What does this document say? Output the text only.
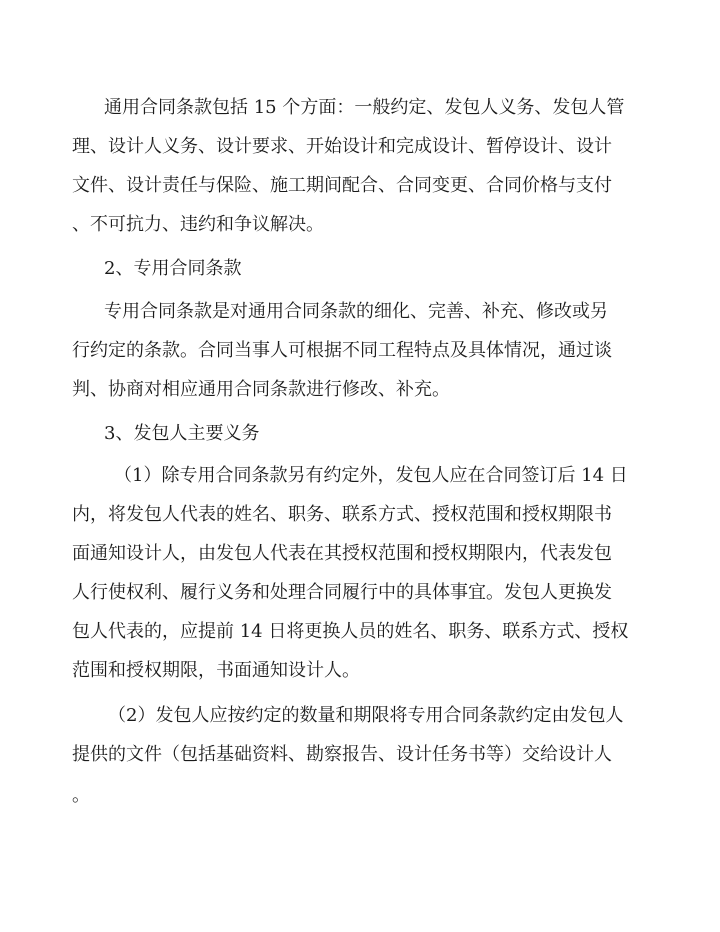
通用合同条款包括 15 个方面：一般约定、发包人义务、发包人管

理、设计人义务、设计要求、开始设计和完成设计、暂停设计、设计

文件、设计责任与保险、施工期间配合、合同变更、合同价格与支付

、不可抗力、违约和争议解决。

2、专用合同条款

专用合同条款是对通用合同条款的细化、完善、补充、修改或另

行约定的条款。合同当事人可根据不同工程特点及具体情况，通过谈

判、协商对相应通用合同条款进行修改、补充。

3、发包人主要义务

（1）除专用合同条款另有约定外，发包人应在合同签订后 14 日

内，将发包人代表的姓名、职务、联系方式、授权范围和授权期限书

面通知设计人，由发包人代表在其授权范围和授权期限内，代表发包

人行使权利、履行义务和处理合同履行中的具体事宜。发包人更换发

包人代表的，应提前 14 日将更换人员的姓名、职务、联系方式、授权

范围和授权期限，书面通知设计人。

（2）发包人应按约定的数量和期限将专用合同条款约定由发包人

提供的文件（包括基础资料、勘察报告、设计任务书等）交给设计人

。
